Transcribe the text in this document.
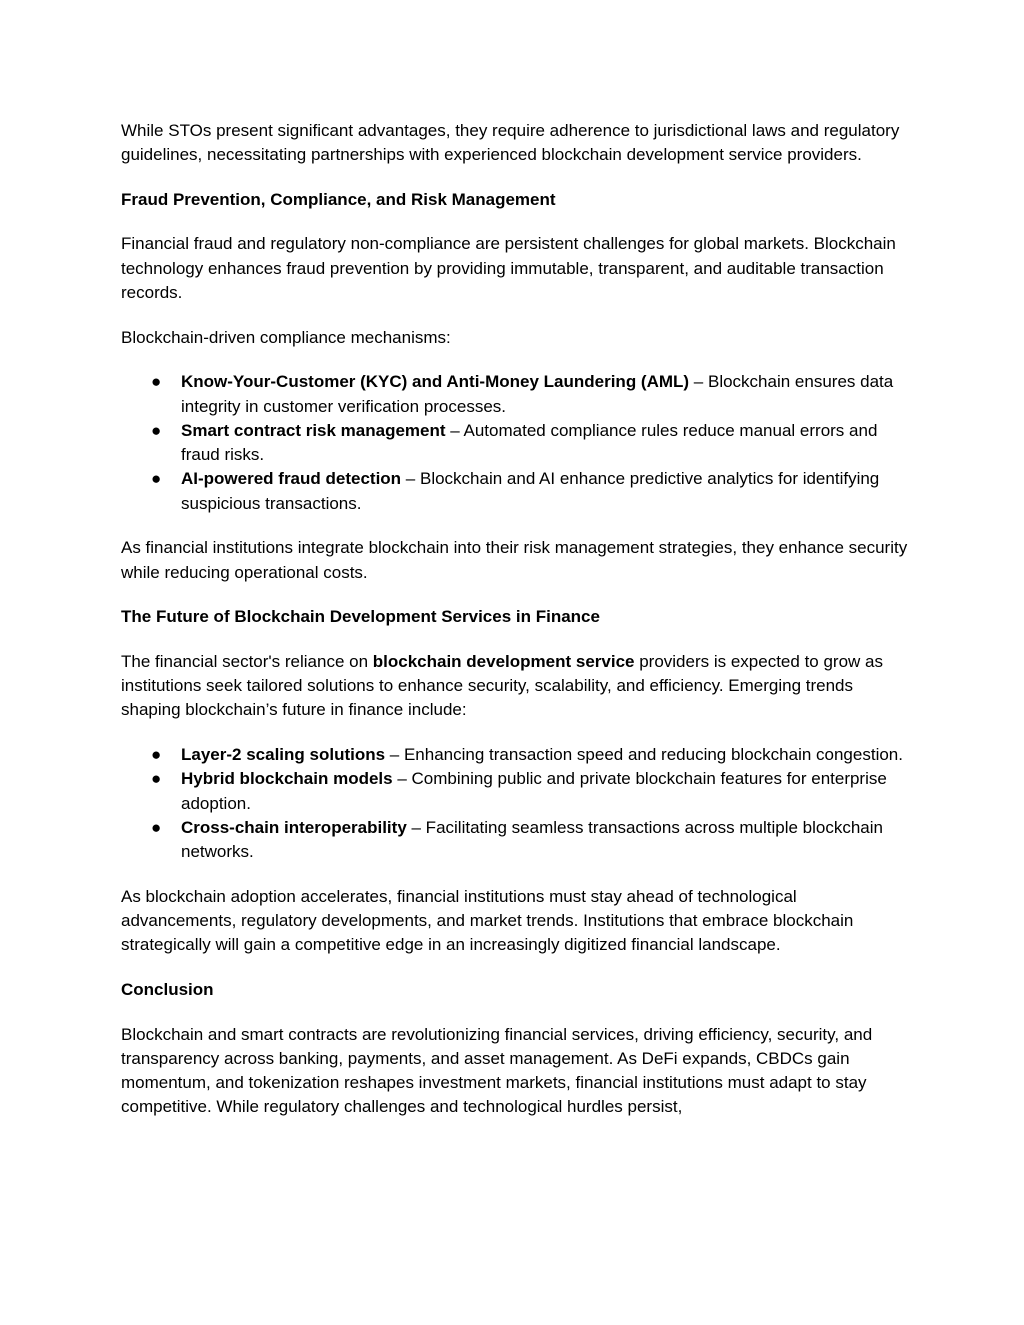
While STOs present significant advantages, they require adherence to jurisdictional laws and regulatory guidelines, necessitating partnerships with experienced blockchain development service providers.

Fraud Prevention, Compliance, and Risk Management

Financial fraud and regulatory non-compliance are persistent challenges for global markets. Blockchain technology enhances fraud prevention by providing immutable, transparent, and auditable transaction records.

Blockchain-driven compliance mechanisms:

● Know-Your-Customer (KYC) and Anti-Money Laundering (AML) – Blockchain ensures data integrity in customer verification processes.
● Smart contract risk management – Automated compliance rules reduce manual errors and fraud risks.
● AI-powered fraud detection – Blockchain and AI enhance predictive analytics for identifying suspicious transactions.

As financial institutions integrate blockchain into their risk management strategies, they enhance security while reducing operational costs.

The Future of Blockchain Development Services in Finance

The financial sector's reliance on blockchain development service providers is expected to grow as institutions seek tailored solutions to enhance security, scalability, and efficiency. Emerging trends shaping blockchain’s future in finance include:

● Layer-2 scaling solutions – Enhancing transaction speed and reducing blockchain congestion.
● Hybrid blockchain models – Combining public and private blockchain features for enterprise adoption.
● Cross-chain interoperability – Facilitating seamless transactions across multiple blockchain networks.

As blockchain adoption accelerates, financial institutions must stay ahead of technological advancements, regulatory developments, and market trends. Institutions that embrace blockchain strategically will gain a competitive edge in an increasingly digitized financial landscape.

Conclusion

Blockchain and smart contracts are revolutionizing financial services, driving efficiency, security, and transparency across banking, payments, and asset management. As DeFi expands, CBDCs gain momentum, and tokenization reshapes investment markets, financial institutions must adapt to stay competitive. While regulatory challenges and technological hurdles persist,
